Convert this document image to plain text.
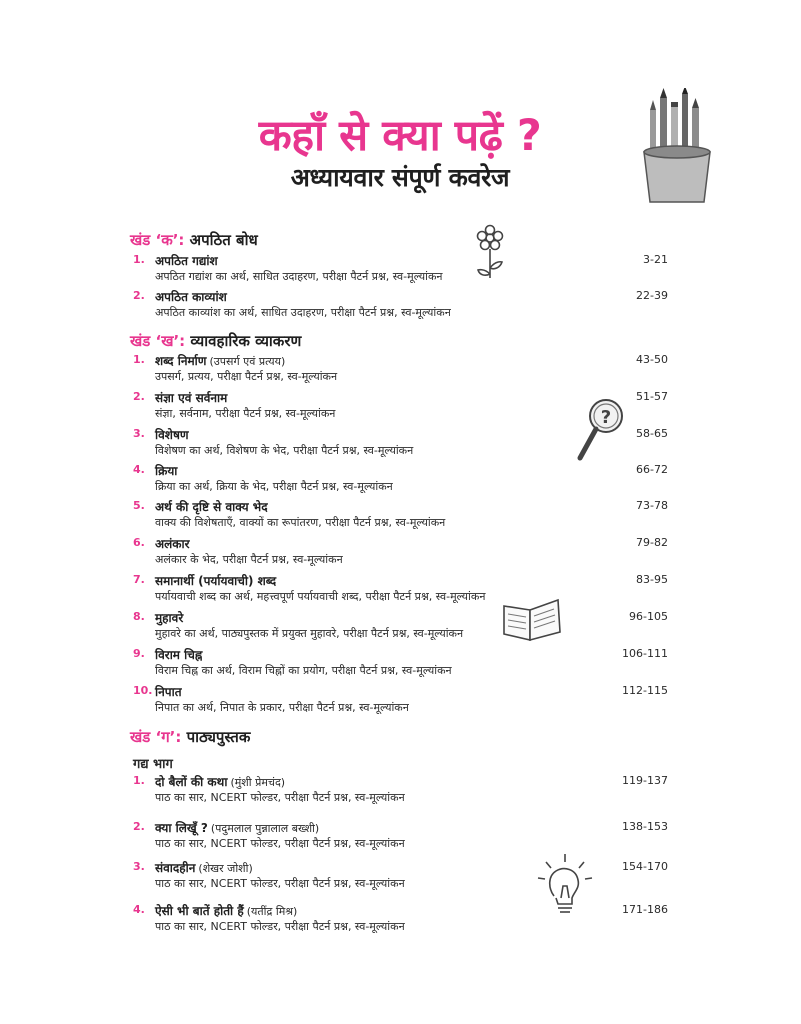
कहाँ से क्या पढ़ें ?
अध्यायवार संपूर्ण कवरेज
?
खंड ‘क’: अपठित बोध
1. अपठित गद्यांश
अपठित गद्यांश का अर्थ, साधित उदाहरण, परीक्षा पैटर्न प्रश्न, स्व-मूल्यांकन
3-21
2. अपठित काव्यांश
अपठित काव्यांश का अर्थ, साधित उदाहरण, परीक्षा पैटर्न प्रश्न, स्व-मूल्यांकन
22-39
खंड ‘ख’: व्यावहारिक व्याकरण
1. शब्द निर्माण (उपसर्ग एवं प्रत्यय)
उपसर्ग, प्रत्यय, परीक्षा पैटर्न प्रश्न, स्व-मूल्यांकन
43-50
2. संज्ञा एवं सर्वनाम
संज्ञा, सर्वनाम, परीक्षा पैटर्न प्रश्न, स्व-मूल्यांकन
51-57
3. विशेषण
विशेषण का अर्थ, विशेषण के भेद, परीक्षा पैटर्न प्रश्न, स्व-मूल्यांकन
58-65
4. क्रिया
क्रिया का अर्थ, क्रिया के भेद, परीक्षा पैटर्न प्रश्न, स्व-मूल्यांकन
66-72
5. अर्थ की दृष्टि से वाक्य भेद
वाक्य की विशेषताएँ, वाक्यों का रूपांतरण, परीक्षा पैटर्न प्रश्न, स्व-मूल्यांकन
73-78
6. अलंकार
अलंकार के भेद, परीक्षा पैटर्न प्रश्न, स्व-मूल्यांकन
79-82
7. समानार्थी (पर्यायवाची) शब्द
पर्यायवाची शब्द का अर्थ, महत्त्वपूर्ण पर्यायवाची शब्द, परीक्षा पैटर्न प्रश्न, स्व-मूल्यांकन
83-95
8. मुहावरे
मुहावरे का अर्थ, पाठ्यपुस्तक में प्रयुक्त मुहावरे, परीक्षा पैटर्न प्रश्न, स्व-मूल्यांकन
96-105
9. विराम चिह्न
विराम चिह्न का अर्थ, विराम चिह्नों का प्रयोग, परीक्षा पैटर्न प्रश्न, स्व-मूल्यांकन
106-111
10. निपात
निपात का अर्थ, निपात के प्रकार, परीक्षा पैटर्न प्रश्न, स्व-मूल्यांकन
112-115
खंड ‘ग’: पाठ्यपुस्तक
गद्य भाग
1. दो बैलों की कथा (मुंशी प्रेमचंद)
पाठ का सार, NCERT फोल्डर, परीक्षा पैटर्न प्रश्न, स्व-मूल्यांकन
119-137
2. क्या लिखूँ ? (पदुमलाल पुन्नालाल बख्शी)
पाठ का सार, NCERT फोल्डर, परीक्षा पैटर्न प्रश्न, स्व-मूल्यांकन
138-153
3. संवादहीन (शेखर जोशी)
पाठ का सार, NCERT फोल्डर, परीक्षा पैटर्न प्रश्न, स्व-मूल्यांकन
154-170
4. ऐसी भी बातें होती हैं (यतींद्र मिश्र)
पाठ का सार, NCERT फोल्डर, परीक्षा पैटर्न प्रश्न, स्व-मूल्यांकन
171-186
